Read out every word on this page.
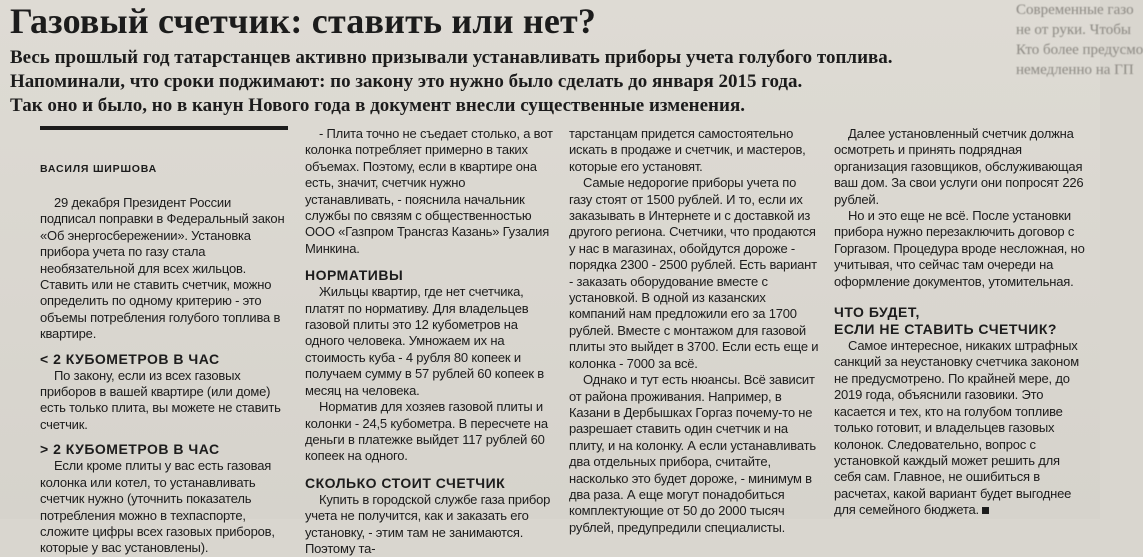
Газовый счетчик: ставить или нет?
Весь прошлый год татарстанцев активно призывали устанавливать приборы учета голубого топлива.
Напоминали, что сроки поджимают: по закону это нужно было сделать до января 2015 года.
Так оно и было, но в канун Нового года в документ внесли существенные изменения.
Современные газо
не от руки. Чтобы
Кто более предусмо
немедленно на ГП
ВАСИЛЯ ШИРШОВА

29 декабря Президент России подписал поправки в Федеральный закон «Об энергосбережении». Установка прибора учета по газу стала необязательной для всех жильцов. Ставить или не ставить счетчик, можно определить по одному критерию - это объемы потребления голубого топлива в квартире.

< 2 КУБОМЕТРОВ В ЧАС

По закону, если из всех газовых приборов в вашей квартире (или доме) есть только плита, вы можете не ставить счетчик.

> 2 КУБОМЕТРОВ В ЧАС

Если кроме плиты у вас есть газовая колонка или котел, то устанавливать счетчик нужно (уточнить показатель потребления можно в техпаспорте, сложите цифры всех газовых приборов, которые у вас установлены).

- Плита точно не съедает столько, а вот колонка потребляет примерно в таких объемах. Поэтому, если в квартире она есть, значит, счетчик нужно устанавливать, - пояснила начальник службы по связям с общественностью ООО «Газпром Трансгаз Казань» Гузалия Минкина.

НОРМАТИВЫ

Жильцы квартир, где нет счетчика, платят по нормативу. Для владельцев газовой плиты это 12 кубометров на одного человека. Умножаем их на стоимость куба - 4 рубля 80 копеек и получаем сумму в 57 рублей 60 копеек в месяц на человека.

Норматив для хозяев газовой плиты и колонки - 24,5 кубометра. В пересчете на деньги в платежке выйдет 117 рублей 60 копеек на одного.

СКОЛЬКО СТОИТ СЧЕТЧИК

Купить в городской службе газа прибор учета не получится, как и заказать его установку, - этим там не занимаются. Поэтому та-

тарстанцам придется самостоятельно искать в продаже и счетчик, и мастеров, которые его установят.

Самые недорогие приборы учета по газу стоят от 1500 рублей. И то, если их заказывать в Интернете и с доставкой из другого региона. Счетчики, что продаются у нас в магазинах, обойдутся дороже - порядка 2300 - 2500 рублей. Есть вариант - заказать оборудование вместе с установкой. В одной из казанских компаний нам предложили его за 1700 рублей. Вместе с монтажом для газовой плиты это выйдет в 3700. Если есть еще и колонка - 7000 за всё.

Однако и тут есть нюансы. Всё зависит от района проживания. Например, в Казани в Дербышках Горгаз почему-то не разрешает ставить один счетчик и на плиту, и на колонку. А если устанавливать два отдельных прибора, считайте, насколько это будет дороже, - минимум в два раза. А еще могут понадобиться комплектующие от 50 до 2000 тысяч рублей, предупредили специалисты.

Далее установленный счетчик должна осмотреть и принять подрядная организация газовщиков, обслуживающая ваш дом. За свои услуги они попросят 226 рублей.

Но и это еще не всё. После установки прибора нужно перезаключить договор с Горгазом. Процедура вроде несложная, но учитывая, что сейчас там очереди на оформление документов, утомительная.

ЧТО БУДЕТ,
ЕСЛИ НЕ СТАВИТЬ СЧЕТЧИК?

Самое интересное, никаких штрафных санкций за неустановку счетчика законом не предусмотрено. По крайней мере, до 2019 года, объяснили газовики. Это касается и тех, кто на голубом топливе только готовит, и владельцев газовых колонок. Следовательно, вопрос с установкой каждый может решить для себя сам. Главное, не ошибиться в расчетах, какой вариант будет выгоднее для семейного бюджета.
